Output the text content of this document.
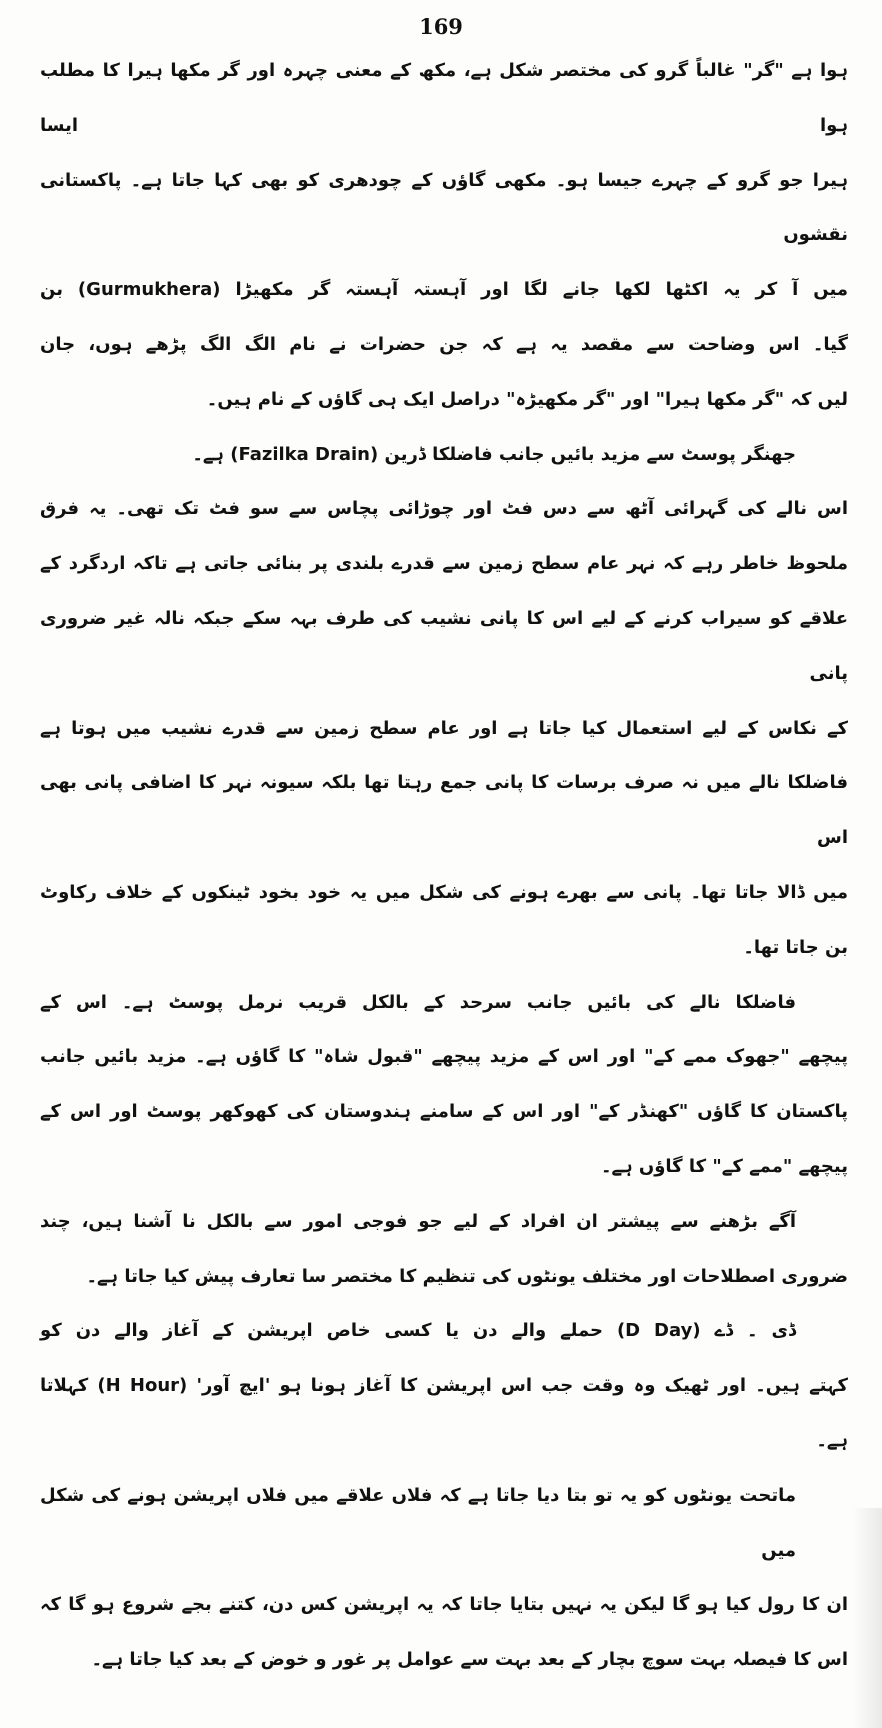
169
ہوا ہے "گر" غالباً گرو کی مختصر شکل ہے، مکھ کے معنی چہرہ اور گر مکھا ہیرا کا مطلب ہوا ایسا
ہیرا جو گرو کے چہرے جیسا ہو۔ مکھی گاؤں کے چودھری کو بھی کہا جاتا ہے۔ پاکستانی نقشوں
میں آ کر یہ اکٹھا لکھا جانے لگا اور آہستہ آہستہ گر مکھیڑا (Gurmukhera) بن
گیا۔ اس وضاحت سے مقصد یہ ہے کہ جن حضرات نے نام الگ الگ پڑھے ہوں، جان
لیں کہ "گر مکھا ہیرا" اور "گر مکھیڑہ" دراصل ایک ہی گاؤں کے نام ہیں۔
جھنگر پوسٹ سے مزید بائیں جانب فاضلکا ڈرین (Fazilka Drain) ہے۔
اس نالے کی گہرائی آٹھ سے دس فٹ اور چوڑائی پچاس سے سو فٹ تک تھی۔ یہ فرق
ملحوظ خاطر رہے کہ نہر عام سطح زمین سے قدرے بلندی پر بنائی جاتی ہے تاکہ اردگرد کے
علاقے کو سیراب کرنے کے لیے اس کا پانی نشیب کی طرف بہہ سکے جبکہ نالہ غیر ضروری پانی
کے نکاس کے لیے استعمال کیا جاتا ہے اور عام سطح زمین سے قدرے نشیب میں ہوتا ہے
فاضلکا نالے میں نہ صرف برسات کا پانی جمع رہتا تھا بلکہ سیونہ نہر کا اضافی پانی بھی اس
میں ڈالا جاتا تھا۔ پانی سے بھرے ہونے کی شکل میں یہ خود بخود ٹینکوں کے خلاف رکاوٹ
بن جاتا تھا۔
فاضلکا نالے کی بائیں جانب سرحد کے بالکل قریب نرمل پوسٹ ہے۔ اس کے
پیچھے "جھوک ممے کے" اور اس کے مزید پیچھے "قبول شاہ" کا گاؤں ہے۔ مزید بائیں جانب
پاکستان کا گاؤں "کھنڈر کے" اور اس کے سامنے ہندوستان کی کھوکھر پوسٹ اور اس کے
پیچھے "ممے کے" کا گاؤں ہے۔
آگے بڑھنے سے پیشتر ان افراد کے لیے جو فوجی امور سے بالکل نا آشنا ہیں، چند
ضروری اصطلاحات اور مختلف یونٹوں کی تنظیم کا مختصر سا تعارف پیش کیا جاتا ہے۔
ڈی ۔ ڈے (D Day) حملے والے دن یا کسی خاص اپریشن کے آغاز والے دن کو
کہتے ہیں۔ اور ٹھیک وہ وقت جب اس اپریشن کا آغاز ہونا ہو 'ایچ آور' (H Hour) کہلاتا
ہے۔
ماتحت یونٹوں کو یہ تو بتا دیا جاتا ہے کہ فلاں علاقے میں فلاں اپریشن ہونے کی شکل میں
ان کا رول کیا ہو گا لیکن یہ نہیں بتایا جاتا کہ یہ اپریشن کس دن، کتنے بجے شروع ہو گا کہ
اس کا فیصلہ بہت سوچ بچار کے بعد بہت سے عوامل پر غور و خوض کے بعد کیا جاتا ہے۔
